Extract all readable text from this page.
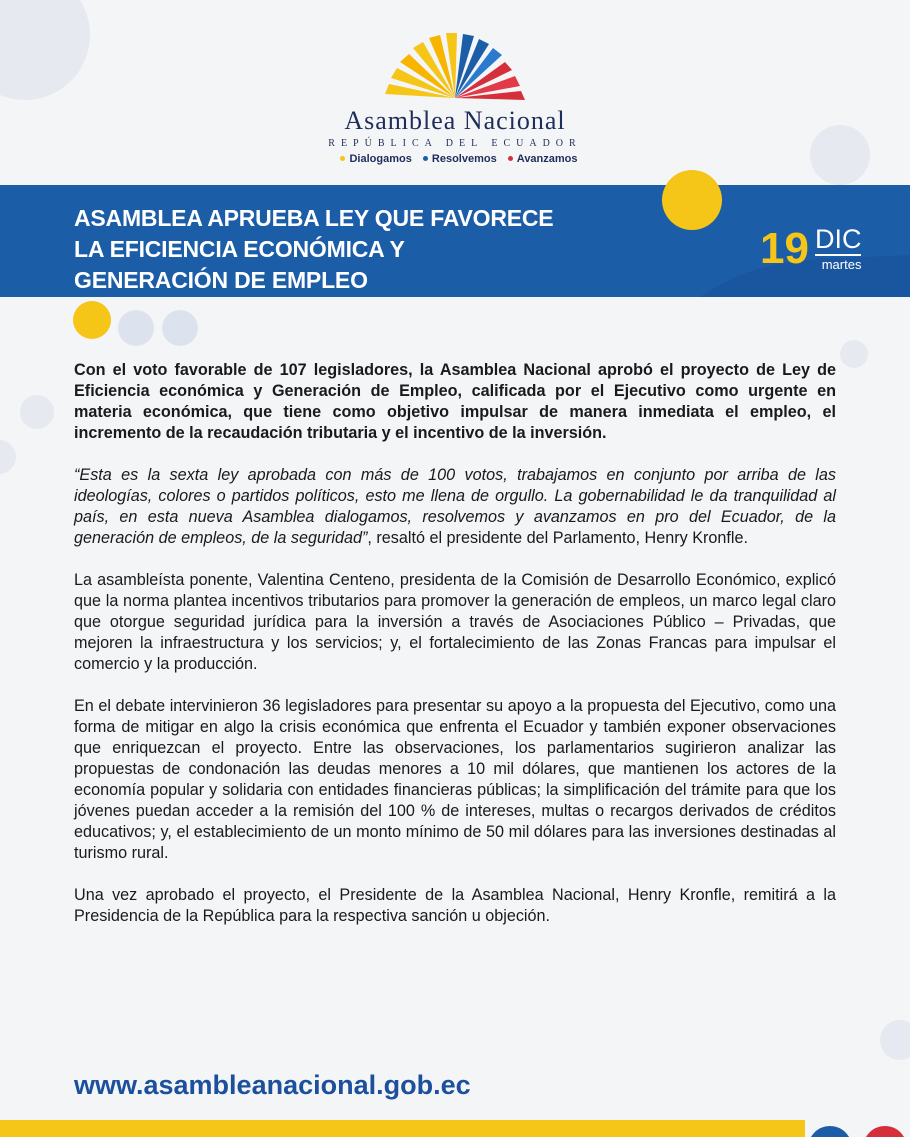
Asamblea Nacional
REPÚBLICA DEL ECUADOR
Dialogamos Resolvemos Avanzamos
ASAMBLEA APRUEBA LEY QUE FAVORECE
LA EFICIENCIA ECONÓMICA Y
GENERACIÓN DE EMPLEO
19 DIC
martes

Con el voto favorable de 107 legisladores, la Asamblea Nacional aprobó el proyecto de Ley de Eficiencia económica y Generación de Empleo, calificada por el Ejecutivo como urgente en materia económica, que tiene como objetivo impulsar de manera inmediata el empleo, el incremento de la recaudación tributaria y el incentivo de la inversión.

“Esta es la sexta ley aprobada con más de 100 votos, trabajamos en conjunto por arriba de las ideologías, colores o partidos políticos, esto me llena de orgullo. La gobernabilidad le da tranquilidad al país, en esta nueva Asamblea dialogamos, resolvemos y avanzamos en pro del Ecuador, de la generación de empleos, de la seguridad”, resaltó el presidente del Parlamento, Henry Kronfle.

La asambleísta ponente, Valentina Centeno, presidenta de la Comisión de Desarrollo Económico, explicó que la norma plantea incentivos tributarios para promover la generación de empleos, un marco legal claro que otorgue seguridad jurídica para la inversión a través de Asociaciones Público – Privadas, que mejoren la infraestructura y los servicios; y, el fortalecimiento de las Zonas Francas para impulsar el comercio y la producción.

En el debate intervinieron 36 legisladores para presentar su apoyo a la propuesta del Ejecutivo, como una forma de mitigar en algo la crisis económica que enfrenta el Ecuador y también exponer observaciones que enriquezcan el proyecto. Entre las observaciones, los parlamentarios sugirieron analizar las propuestas de condonación las deudas menores a 10 mil dólares, que mantienen los actores de la economía popular y solidaria con entidades financieras públicas; la simplificación del trámite para que los jóvenes puedan acceder a la remisión del 100 % de intereses, multas o recargos derivados de créditos educativos; y, el establecimiento de un monto mínimo de 50 mil dólares para las inversiones destinadas al turismo rural.

Una vez aprobado el proyecto, el Presidente de la Asamblea Nacional, Henry Kronfle, remitirá a la Presidencia de la República para la respectiva sanción u objeción.

www.asambleanacional.gob.ec
